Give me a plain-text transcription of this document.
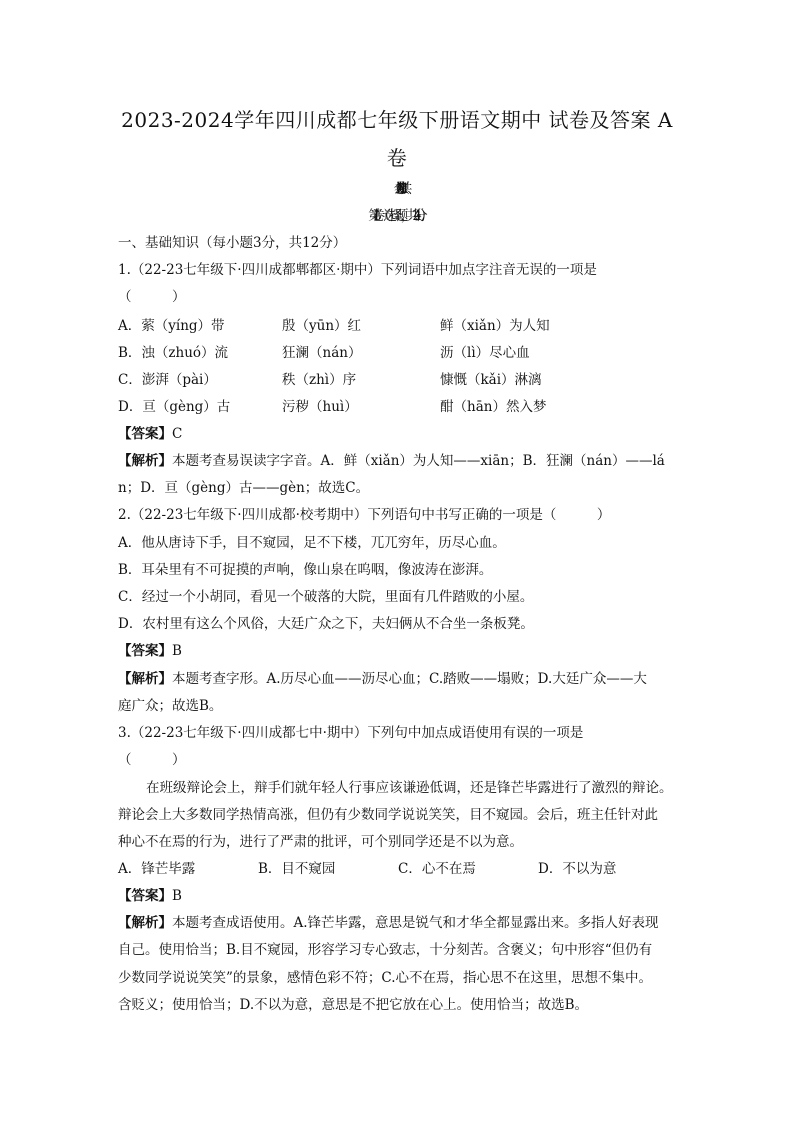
2023-2024学年四川成都七年级下册语文期中 试卷及答案 A
卷
A卷（共100分）
第Ⅰ卷（选择题，共24分）
一、基础知识（每小题3分，共12分）
1.（22-23七年级下·四川成都郫都区·期中）下列词语中加点字注音无误的一项是
（　　　）
A．萦（yíng）带	殷（yūn）红	鲜（xiǎn）为人知
B．浊（zhuó）流	狂澜（nán）	沥（lì）尽心血
C．澎湃（pài）	秩（zhì）序	慷慨（kǎi）淋漓
D．亘（gèng）古	污秽（huì）	酣（hān）然入梦
【答案】C
【解析】本题考查易误读字字音。A．鲜（xiǎn）为人知——xiān；B．狂澜（nán）——lá
n；D．亘（gèng）古——gèn；故选C。
2.（22-23七年级下·四川成都·校考期中）下列语句中书写正确的一项是（　　　）
A．他从唐诗下手，目不窥园，足不下楼，兀兀穷年，历尽心血。
B．耳朵里有不可捉摸的声响，像山泉在呜咽，像波涛在澎湃。
C．经过一个小胡同，看见一个破落的大院，里面有几件踏败的小屋。
D．农村里有这么个风俗，大廷广众之下，夫妇俩从不合坐一条板凳。
【答案】B
【解析】本题考查字形。A.历尽心血——沥尽心血；C.踏败——塌败；D.大廷广众——大
庭广众；故选B。
3.（22-23七年级下·四川成都七中·期中）下列句中加点成语使用有误的一项是
（　　　）
在班级辩论会上，辩手们就年轻人行事应该谦逊低调，还是锋芒毕露进行了激烈的辩论。
辩论会上大多数同学热情高涨，但仍有少数同学说说笑笑，目不窥园。会后，班主任针对此
种心不在焉的行为，进行了严肃的批评，可个别同学还是不以为意。
A．锋芒毕露	B．目不窥园	C．心不在焉	D．不以为意
【答案】B
【解析】本题考查成语使用。A.锋芒毕露，意思是锐气和才华全都显露出来。多指人好表现
自己。使用恰当；B.目不窥园，形容学习专心致志，十分刻苦。含褒义；句中形容“但仍有
少数同学说说笑笑”的景象，感情色彩不符；C.心不在焉，指心思不在这里，思想不集中。
含贬义；使用恰当；D.不以为意，意思是不把它放在心上。使用恰当；故选B。
